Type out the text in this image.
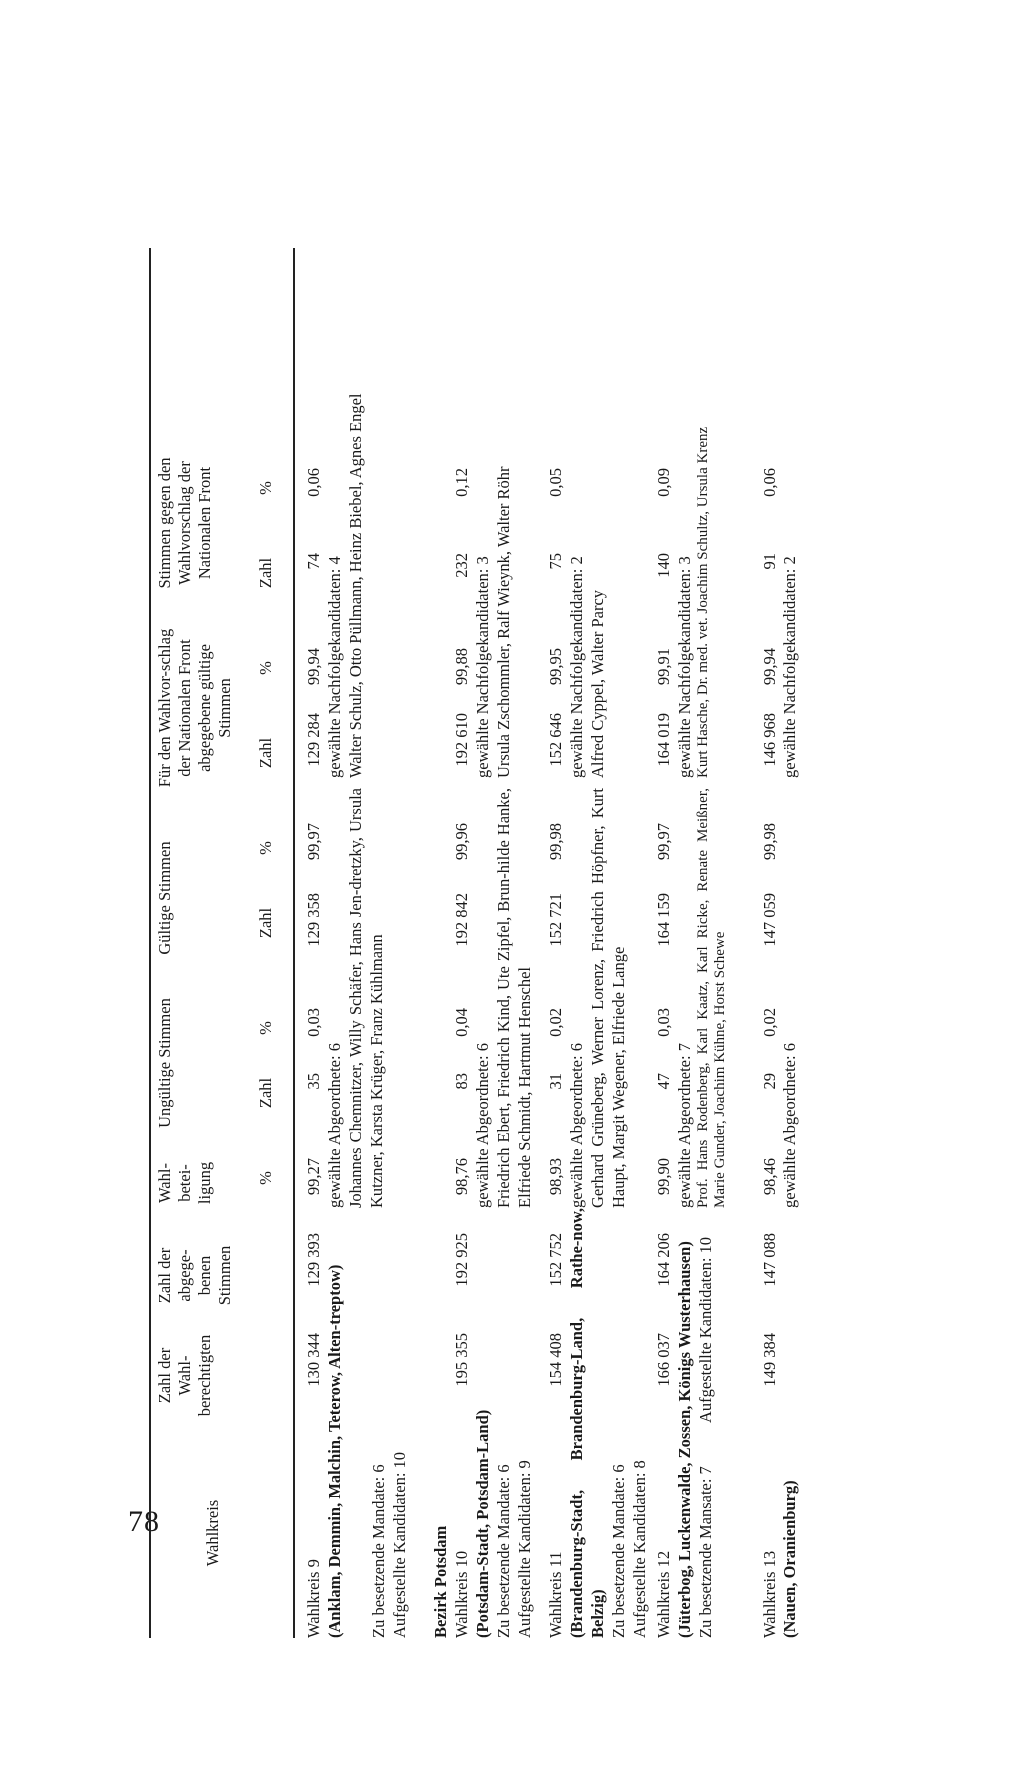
78	Wahlkreis
Zahl der Wahl-berechtigten
Zahl der abgege-benen Stimmen
Wahl-betei-ligung
Ungültige Stimmen
Gültige Stimmen
Für den Wahlvor-schlag der Nationalen Front abgegebene gültige Stimmen
Stimmen gegen den Wahlvorschlag der Nationalen Front
%
Zahl
%
Zahl
%
Zahl
%
Zahl
%
Wahlkreis 9 (Anklam, Demmin, Malchin, Teterow, Alten-treptow) Zu besetzende Mandate: 6 Aufgestellte Kandidaten: 10
130 344
129 393
99,27
35
0,03
129 358
99,97
129 284
99,94
74
0,06
gewählte Abgeordnete: 6 Johannes Chemnitzer, Willy Schäfer, Hans Jen-dretzky, Ursula Kutzner, Karsta Krüger, Franz Kühlmann
gewählte Nachfolgekandidaten: 4 Walter Schulz, Otto Püllmann, Heinz Biebel, Agnes Engel
Bezirk Potsdam Wahlkreis 10 (Potsdam-Stadt, Potsdam-Land) Zu besetzende Mandate: 6 Aufgestellte Kandidaten: 9
195 355
192 925
98,76
83
0,04
192 842
99,96
192 610
99,88
232
0,12
gewählte Abgeordnete: 6 Friedrich Ebert, Friedrich Kind, Ute Zipfel, Brun-hilde Hanke, Elfriede Schmidt, Hartmut Henschel
gewählte Nachfolgekandidaten: 3 Ursula Zschommler, Ralf Wieynk, Walter Röhr
Wahlkreis 11 (Brandenburg-Stadt, Brandenburg-Land, Rathe-now, Belzig) Zu besetzende Mandate: 6 Aufgestellte Kandidaten: 8
154 408
152 752
98,93
31
0,02
152 721
99,98
152 646
99,95
75
0,05
gewählte Abgeordnete: 6 Gerhard Grüneberg, Werner Lorenz, Friedrich Höpfner, Kurt Haupt, Margit Wegener, Elfriede Lange
gewählte Nachfolgekandidaten: 2 Alfred Cyppel, Walter Parcy
Wahlkreis 12 (Jüterbog, Luckenwalde, Zossen, Königs Wusterhausen) Zu besetzende Mansate: 7
Aufgestellte Kandidaten: 10
166 037
164 206
99,90
47
0,03
164 159
99,97
164 019
99,91
140
0,09
gewählte Abgeordnete: 7
gewählte Nachfolgekandidaten: 3
Prof. Hans Rodenberg, Karl Kaatz, Karl Ricke, Renate Meißner, Marie Gunder, Joachim Kühne, Horst Schewe
Kurt Hasche, Dr. med. vet. Joachim Schultz, Ursula Krenz
Wahlkreis 13 (Nauen, Oranienburg)
149 384
147 088
98,46
29
0,02
147 059
99,98
146 968
99,94
91
0,06
gewählte Abgeordnete: 6
gewählte Nachfolgekandidaten: 2
